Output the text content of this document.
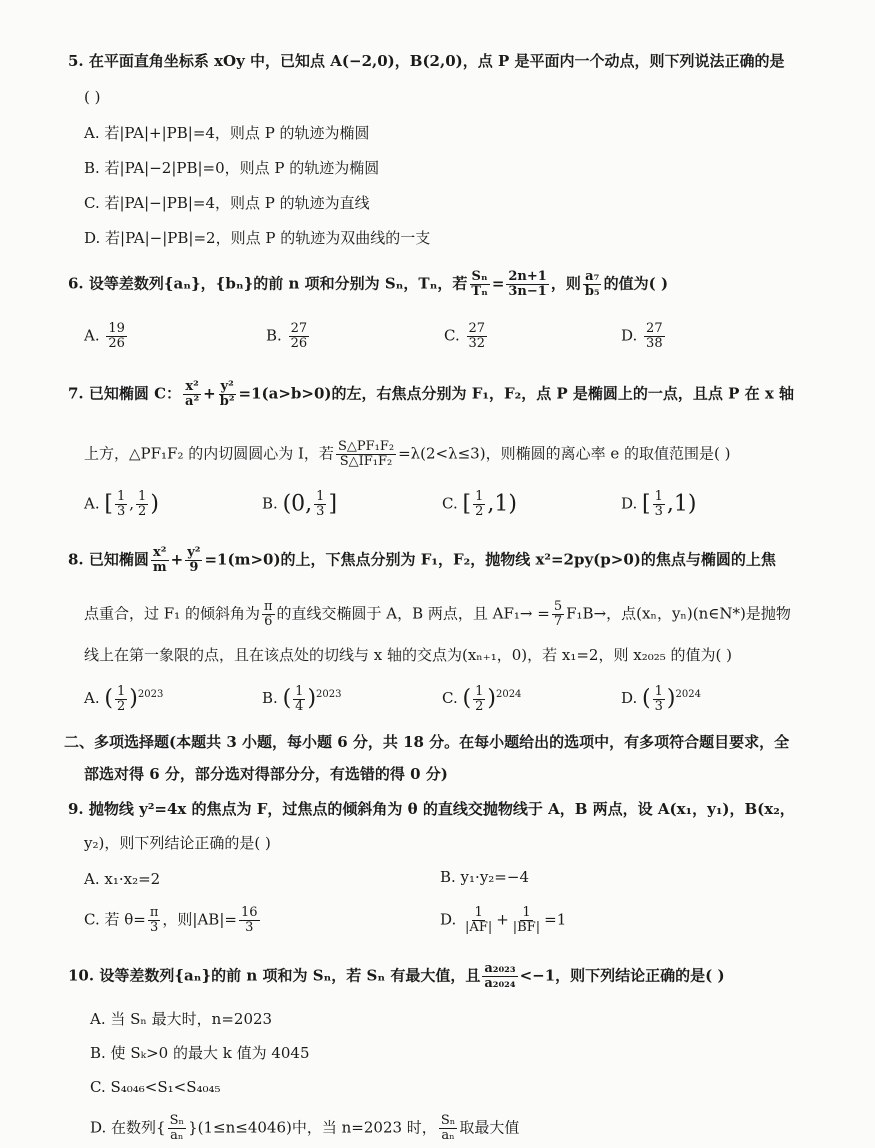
5. 在平面直角坐标系 xOy 中，已知点 A(−2,0)，B(2,0)，点 P 是平面内一个动点，则下列说法正确的是
( )
A. 若|PA|+|PB|=4，则点 P 的轨迹为椭圆
B. 若|PA|−2|PB|=0，则点 P 的轨迹为椭圆
C. 若|PA|−|PB|=4，则点 P 的轨迹为直线
D. 若|PA|−|PB|=2，则点 P 的轨迹为双曲线的一支
6. 设等差数列{aₙ}，{bₙ}的前 n 项和分别为 Sₙ，Tₙ，若 $\frac{\text{Sₙ}}{\text{Tₙ}} = \frac{2n+1}{3n-1}$ ，则 $\frac{\text{a₇}}{\text{b₅}}$ 的值为( )
A. $\frac{19}{26}$	B. $\frac{27}{26}$	C. $\frac{27}{32}$	D. $\frac{27}{38}$
7. 已知椭圆 C： $\frac{\text{x²}}{\text{a²}} + \frac{\text{y²}}{\text{b²}} =1(a>b>0)$的左，右焦点分别为 F₁，F₂，点 P 是椭圆上的一点，且点 P 在 x 轴
上方，△PF₁F₂ 的内切圆圆心为 I，若 $\frac{\text{S△PF₁F₂}}{\text{S△IF₁F₂}} =\lambda(2<\lambda\le 3)$，则椭圆的离心率 e 的取值范围是( )
A. [ $\frac{1}{3}$ , $\frac{1}{2}$ )	B. (0, $\frac{1}{3}$ ]	C. [ $\frac{1}{2} ,1$)	D. [ $\frac{1}{3} ,1$)
8. 已知椭圆 $\frac{\text{x²}}{m} + \frac{\text{y²}}{9} =1(m>0)$的上，下焦点分别为 F₁，F₂，抛物线 x²=2py(p>0)的焦点与椭圆的上焦
点重合，过 F₁ 的倾斜角为 $\frac{\pi}{6}$ 的直线交椭圆于 A，B 两点，且 $AF_1\to = \frac{5}{7} F_1B\to$，点(xₙ，yₙ)(n∈N*)是抛物
线上在第一象限的点，且在该点处的切线与 x 轴的交点为(xₙ₊₁，0)，若 x₁=2，则 x₂₀₂₅ 的值为( )
A. ( $\frac{1}{2} )^{2023}$	B. ( $\frac{1}{4} )^{2023}$	C. ( $\frac{1}{2} )^{2024}$	D. ( $\frac{1}{3} )^{2024}$
二、多项选择题(本题共 3 小题，每小题 6 分，共 18 分。在每小题给出的选项中，有多项符合题目要求，全
部选对得 6 分，部分选对得部分分，有选错的得 0 分)
9. 抛物线 y²=4x 的焦点为 F，过焦点的倾斜角为 θ 的直线交抛物线于 A，B 两点，设 A(x₁，y₁)，B(x₂，
y₂)，则下列结论正确的是( )
A. x₁·x₂=2	B. y₁·y₂=−4
C. 若 $\theta= \frac{\pi}{3}$ ，则$|AB|= \frac{16}{3}$	D. $\frac{1}{|AF|} + \frac{1}{|BF|} =1$
10. 设等差数列{aₙ}的前 n 项和为 Sₙ，若 Sₙ 有最大值，且 $\frac{\text{a₂₀₂₃}}{\text{a₂₀₂₄}} <-1$，则下列结论正确的是( )
A. 当 Sₙ 最大时，n=2023
B. 使 Sₖ>0 的最大 k 值为 4045
C. S₄₀₄₆<S₁<S₄₀₄₅
D. 在数列{ $\frac{\text{Sₙ}}{\text{aₙ}} \}(1\le n\le 4046)$中，当 n=2023 时， $\frac{\text{Sₙ}}{\text{aₙ}}$ 取最大值
